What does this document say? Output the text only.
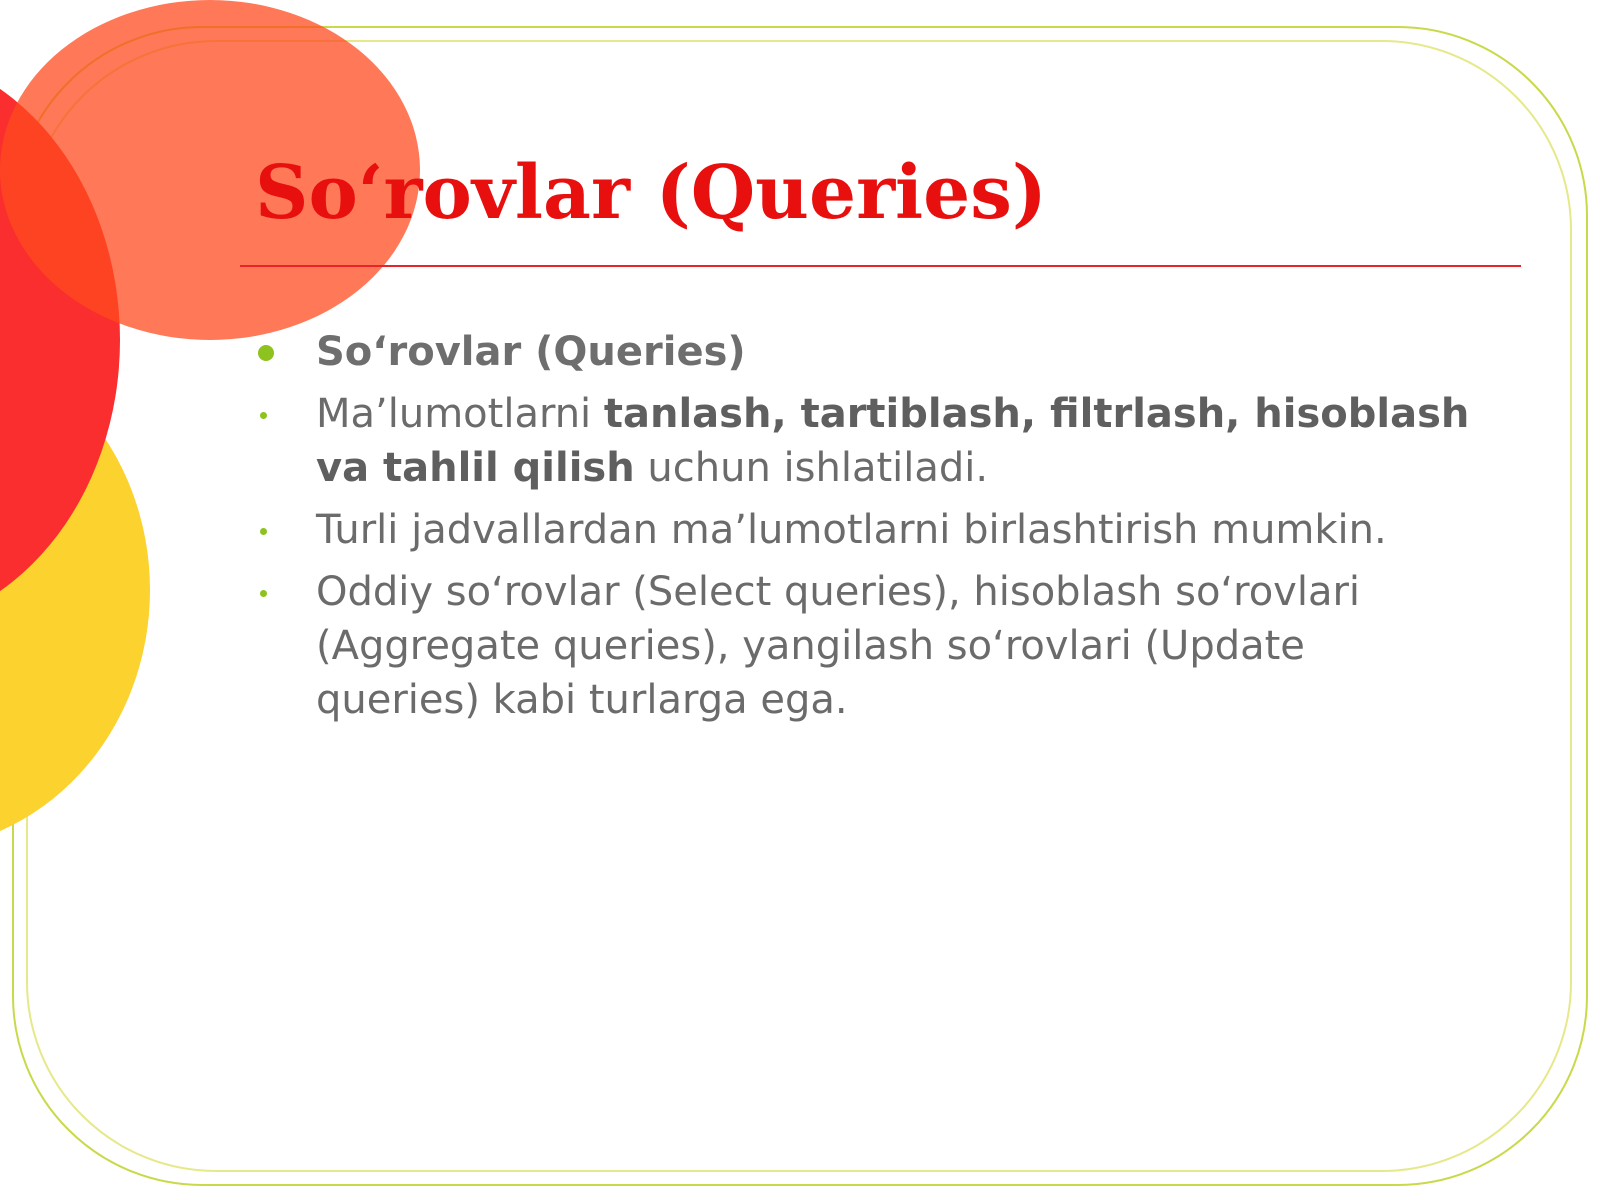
So‘rovlar (Queries)
So‘rovlar (Queries)
Ma’lumotlarni tanlash, tartiblash, filtrlash, hisoblash va tahlil qilish uchun ishlatiladi.
Turli jadvallardan ma’lumotlarni birlashtirish mumkin.
Oddiy so‘rovlar (Select queries), hisoblash so‘rovlari (Aggregate queries), yangilash so‘rovlari (Update queries) kabi turlarga ega.
